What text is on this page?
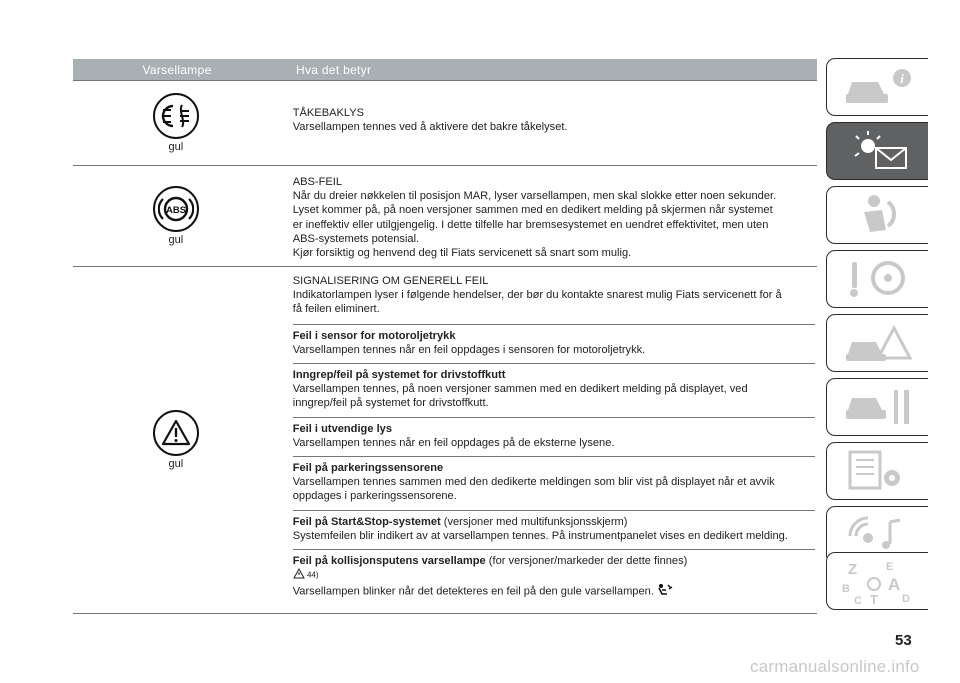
Varsellampe	Hva det betyr
gul

TÅKEBAKLYS

Varsellampen tennes ved å aktivere det bakre tåkelyset.

ABS
gul

ABS-FEIL

Når du dreier nøkkelen til posisjon MAR, lyser varsellampen, men skal slokke etter noen sekunder.

Lyset kommer på, på noen versjoner sammen med en dedikert melding på skjermen når systemet

er ineffektiv eller utilgjengelig. I dette tilfelle har bremsesystemet en uendret effektivitet, men uten

ABS-systemets potensial.

Kjør forsiktig og henvend deg til Fiats servicenett så snart som mulig.

gul

SIGNALISERING OM GENERELL FEIL

Indikatorlampen lyser i følgende hendelser, der bør du kontakte snarest mulig Fiats servicenett for å

få feilen eliminert.

Feil i sensor for motoroljetrykk

Varsellampen tennes når en feil oppdages i sensoren for motoroljetrykk.

Inngrep/feil på systemet for drivstoffkutt

Varsellampen tennes, på noen versjoner sammen med en dedikert melding på displayet, ved

inngrep/feil på systemet for drivstoffkutt.

Feil i utvendige lys

Varsellampen tennes når en feil oppdages på de eksterne lysene.

Feil på parkeringssensorene

Varsellampen tennes sammen med den dedikerte meldingen som blir vist på displayet når et avvik

oppdages i parkeringssensorene.

Feil på Start&Stop-systemet (versjoner med multifunksjonsskjerm)

Systemfeilen blir indikert av at varsellampen tennes. På instrumentpanelet vises en dedikert melding.

Feil på kollisjonsputens varsellampe (for versjoner/markeder der dette finnes)

44)

Varsellampen blinker når det detekteres en feil på den gule varsellampen.

i
Z	E
B A
C T D
53
carmanualsonline.info
